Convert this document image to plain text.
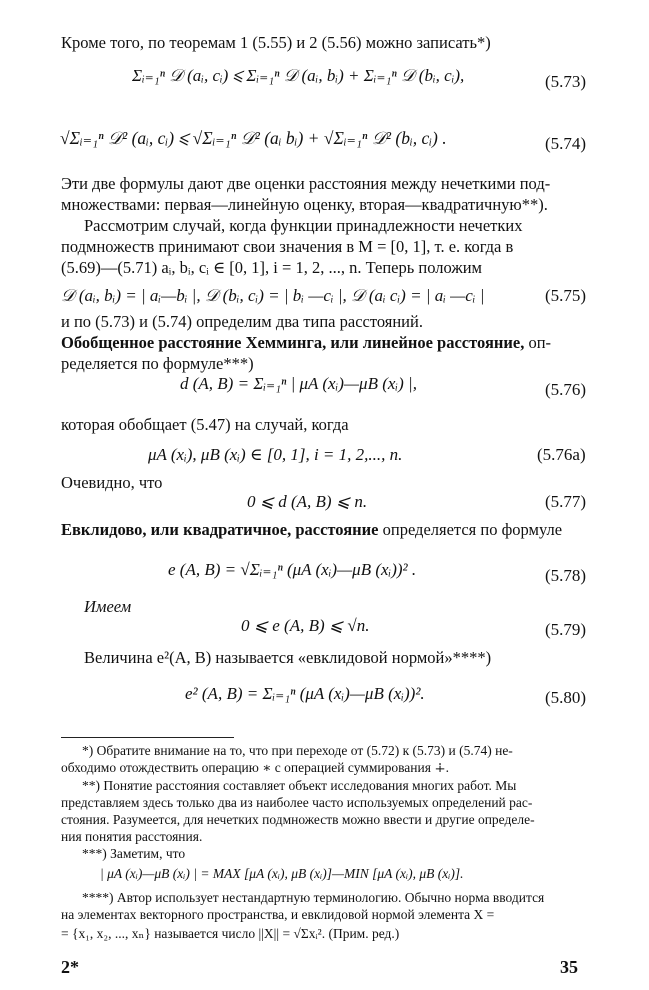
Кроме того, по теоремам 1 (5.55) и 2 (5.56) можно записать*)
Σᵢ₌₁ⁿ 𝒟 (aᵢ, cᵢ) ⩽ Σᵢ₌₁ⁿ 𝒟 (aᵢ, bᵢ) + Σᵢ₌₁ⁿ 𝒟 (bᵢ, cᵢ),	(5.73)
√Σᵢ₌₁ⁿ 𝒟² (aᵢ, cᵢ) ⩽ √Σᵢ₌₁ⁿ 𝒟² (aᵢ bᵢ) + √Σᵢ₌₁ⁿ 𝒟² (bᵢ, cᵢ) .	(5.74)
Эти две формулы дают две оценки расстояния между нечеткими под-
множествами: первая—линейную оценку, вторая—квадратичную**).
Рассмотрим случай, когда функции принадлежности нечетких
подмножеств принимают свои значения в M = [0, 1], т. е. когда в
(5.69)—(5.71) aᵢ, bᵢ, cᵢ ∈ [0, 1], i = 1, 2, ..., n. Теперь положим
𝒟 (aᵢ, bᵢ) = | aᵢ—bᵢ |, 𝒟 (bᵢ, cᵢ) = | bᵢ —cᵢ |, 𝒟 (aᵢ cᵢ) = | aᵢ —cᵢ |	(5.75)
и по (5.73) и (5.74) определим два типа расстояний.
Обобщенное расстояние Хемминга, или линейное расстояние, оп-
ределяется по формуле***)
d (A, B) = Σᵢ₌₁ⁿ | μA (xᵢ)—μB (xᵢ) |,	(5.76)
которая обобщает (5.47) на случай, когда
μA (xᵢ), μB (xᵢ) ∈ [0, 1], i = 1, 2,..., n.	(5.76a)
Очевидно, что
0 ⩽ d (A, B) ⩽ n.	(5.77)
Евклидово, или квадратичное, расстояние определяется по формуле
e (A, B) = √Σᵢ₌₁ⁿ (μA (xᵢ)—μB (xᵢ))² .	(5.78)
Имеем
0 ⩽ e (A, B) ⩽ √n.	(5.79)
Величина e²(A, B) называется «евклидовой нормой»****)
e² (A, B) = Σᵢ₌₁ⁿ (μA (xᵢ)—μB (xᵢ))².	(5.80)
*) Обратите внимание на то, что при переходе от (5.72) к (5.73) и (5.74) не-
обходимо отождествить операцию ∗ с операцией суммирования ∔.
**) Понятие расстояния составляет объект исследования многих работ. Мы
представляем здесь только два из наиболее часто используемых определений рас-
стояния. Разумеется, для нечетких подмножеств можно ввести и другие определе-
ния понятия расстояния.
***) Заметим, что
| μA (xᵢ)—μB (xᵢ) | = MAX [μA (xᵢ), μB (xᵢ)]—MIN [μA (xᵢ), μB (xᵢ)].
****) Автор использует нестандартную терминологию. Обычно норма вводится
на элементах векторного пространства, и евклидовой нормой элемента X =
= {x₁, x₂, ..., xₙ} называется число ||X|| = √Σxᵢ². (Прим. ред.)
2*	35
